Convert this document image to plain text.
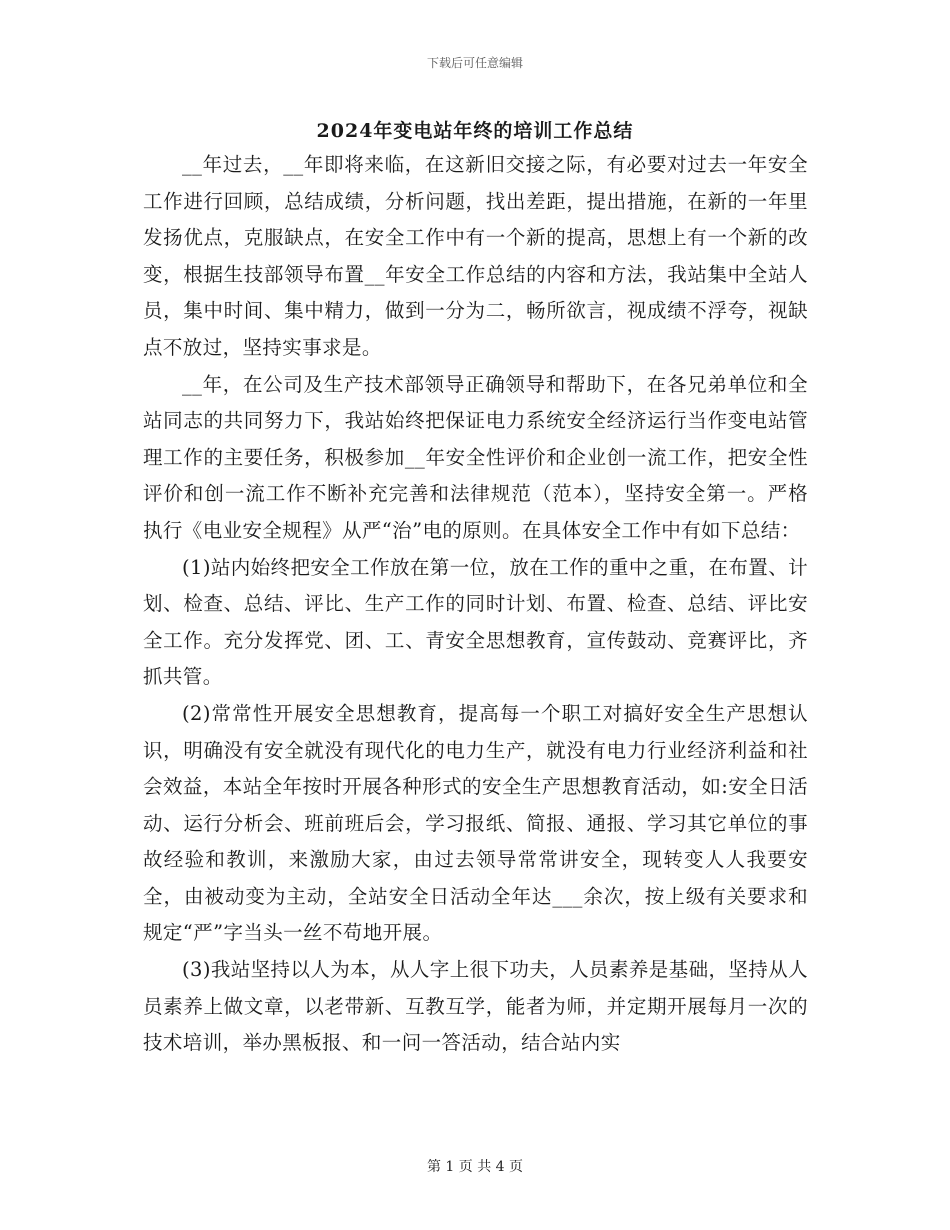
下载后可任意编辑
2024年变电站年终的培训工作总结

__年过去，__年即将来临，在这新旧交接之际，有必要对过去一年安全工作进行回顾，总结成绩，分析问题，找出差距，提出措施，在新的一年里发扬优点，克服缺点，在安全工作中有一个新的提高，思想上有一个新的改变，根据生技部领导布置__年安全工作总结的内容和方法，我站集中全站人员，集中时间、集中精力，做到一分为二，畅所欲言，视成绩不浮夸，视缺点不放过，坚持实事求是。

__年，在公司及生产技术部领导正确领导和帮助下，在各兄弟单位和全站同志的共同努力下，我站始终把保证电力系统安全经济运行当作变电站管理工作的主要任务，积极参加__年安全性评价和企业创一流工作，把安全性评价和创一流工作不断补充完善和法律规范（范本），坚持安全第一。严格执行《电业安全规程》从严“治”电的原则。在具体安全工作中有如下总结：

(1)站内始终把安全工作放在第一位，放在工作的重中之重，在布置、计划、检查、总结、评比、生产工作的同时计划、布置、检查、总结、评比安全工作。充分发挥党、团、工、青安全思想教育，宣传鼓动、竞赛评比，齐抓共管。

(2)常常性开展安全思想教育，提高每一个职工对搞好安全生产思想认识，明确没有安全就没有现代化的电力生产，就没有电力行业经济利益和社会效益，本站全年按时开展各种形式的安全生产思想教育活动，如:安全日活动、运行分析会、班前班后会，学习报纸、简报、通报、学习其它单位的事故经验和教训，来激励大家，由过去领导常常讲安全，现转变人人我要安全，由被动变为主动，全站安全日活动全年达___余次，按上级有关要求和规定“严”字当头一丝不苟地开展。

(3)我站坚持以人为本，从人字上很下功夫，人员素养是基础，坚持从人员素养上做文章，以老带新、互教互学，能者为师，并定期开展每月一次的技术培训，举办黑板报、和一问一答活动，结合站内实

第 1 页 共 4 页
